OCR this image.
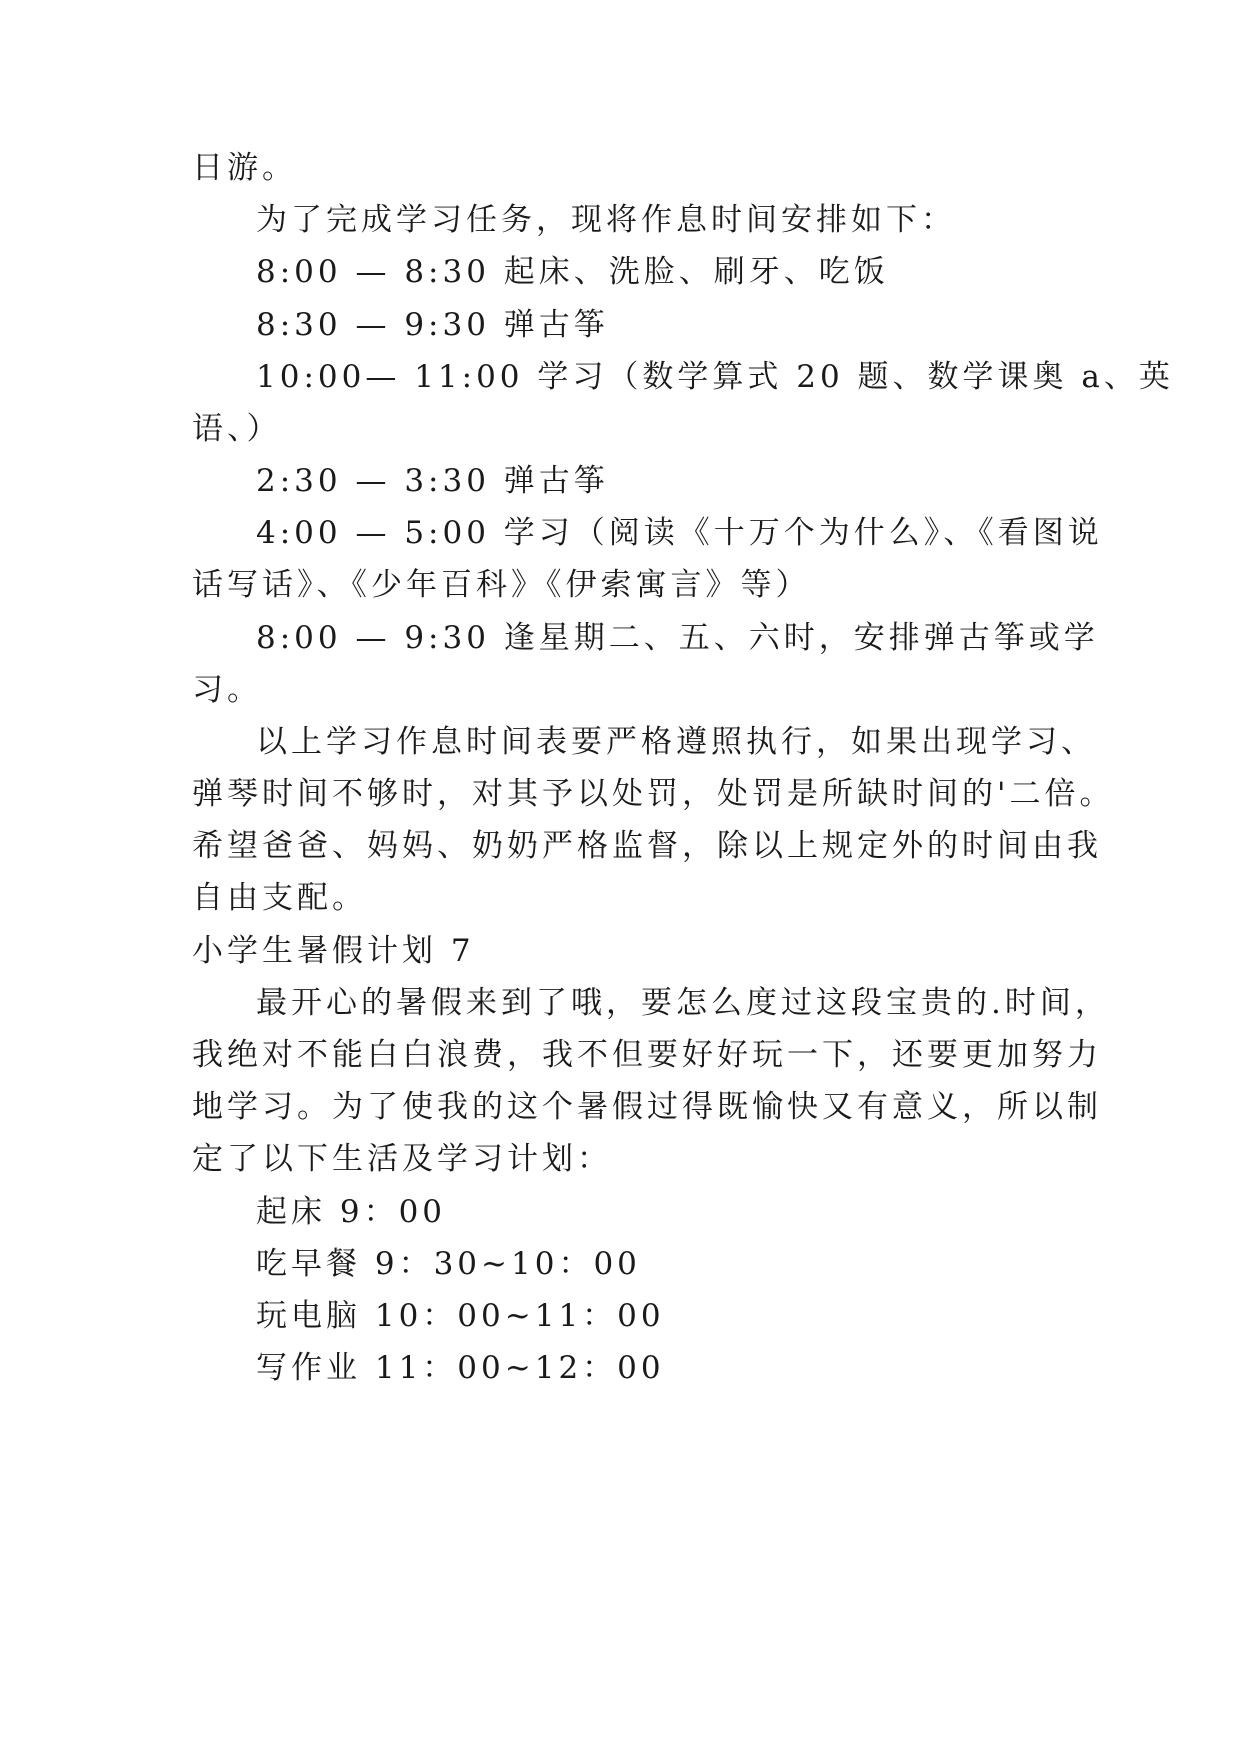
日游。
为了完成学习任务，现将作息时间安排如下：
8:00 — 8:30 起床、洗脸、刷牙、吃饭
8:30 — 9:30 弹古筝
10:00— 11:00 学习（数学算式 20 题、数学课奥 a、英
语、）
2:30 — 3:30 弹古筝
4:00 — 5:00 学习（阅读《十万个为什么》、《看图说
话写话》、《少年百科》《伊索寓言》等）
8:00 — 9:30 逢星期二、五、六时，安排弹古筝或学
习。
以上学习作息时间表要严格遵照执行，如果出现学习、
弹琴时间不够时，对其予以处罚，处罚是所缺时间的'二倍。
希望爸爸、妈妈、奶奶严格监督，除以上规定外的时间由我
自由支配。
小学生暑假计划 7
最开心的暑假来到了哦，要怎么度过这段宝贵的.时间，
我绝对不能白白浪费，我不但要好好玩一下，还要更加努力
地学习。为了使我的这个暑假过得既愉快又有意义，所以制
定了以下生活及学习计划：
起床 9：00
吃早餐 9：30~10：00
玩电脑 10：00~11：00
写作业 11：00~12：00
